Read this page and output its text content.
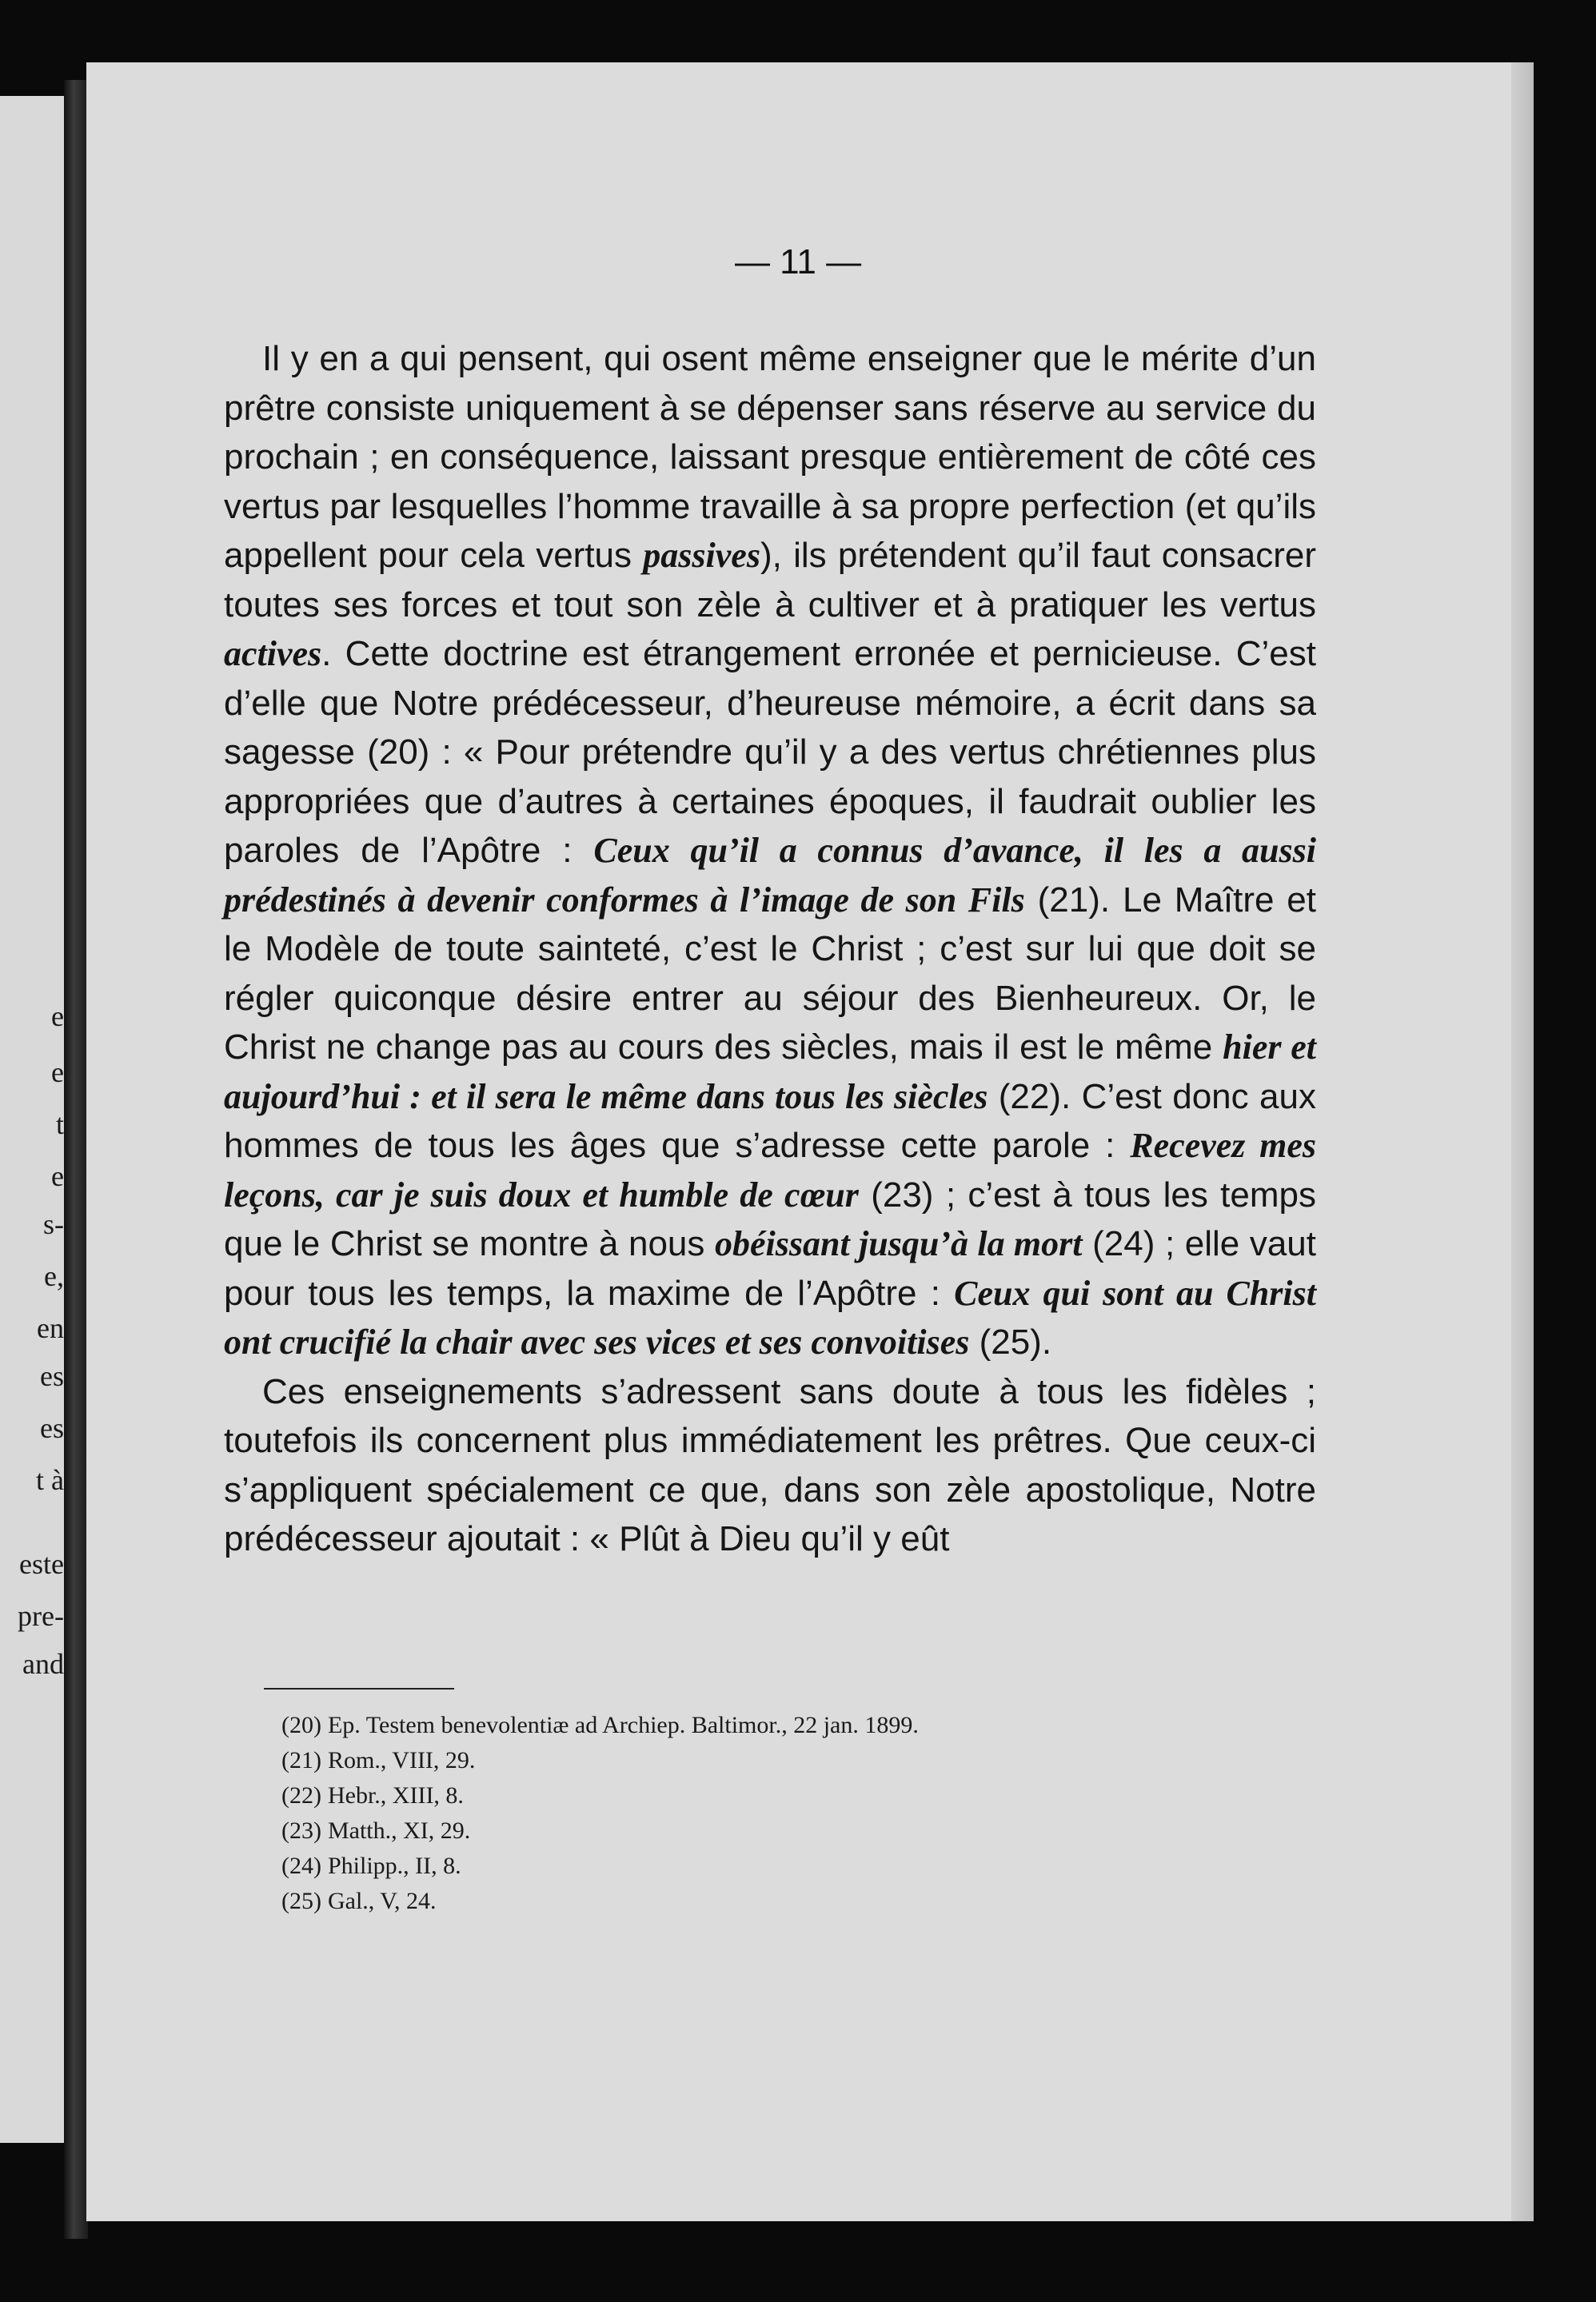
e
e
t
e
s-
e,
en
es
es
t à
este
pre-
and
— 11 —

Il y en a qui pensent, qui osent même enseigner que le mérite d’un prêtre consiste uniquement à se dépenser sans réserve au service du prochain ; en conséquence, laissant presque entièrement de côté ces vertus par lesquelles l’homme travaille à sa propre perfection (et qu’ils appellent pour cela vertus passives), ils prétendent qu’il faut consacrer toutes ses forces et tout son zèle à cultiver et à pratiquer les vertus actives. Cette doctrine est étrangement erronée et pernicieuse. C’est d’elle que Notre prédécesseur, d’heureuse mémoire, a écrit dans sa sagesse (20) : « Pour prétendre qu’il y a des vertus chrétiennes plus appropriées que d’autres à certaines époques, il faudrait oublier les paroles de l’Apôtre : Ceux qu’il a connus d’avance, il les a aussi prédestinés à devenir conformes à l’image de son Fils (21). Le Maître et le Modèle de toute sainteté, c’est le Christ ; c’est sur lui que doit se régler quiconque désire entrer au séjour des Bienheureux. Or, le Christ ne change pas au cours des siècles, mais il est le même hier et aujourd’hui : et il sera le même dans tous les siècles (22). C’est donc aux hommes de tous les âges que s’adresse cette parole : Recevez mes leçons, car je suis doux et humble de cœur (23) ; c’est à tous les temps que le Christ se montre à nous obéissant jusqu’à la mort (24) ; elle vaut pour tous les temps, la maxime de l’Apôtre : Ceux qui sont au Christ ont crucifié la chair avec ses vices et ses convoitises (25).

Ces enseignements s’adressent sans doute à tous les fidèles ; toutefois ils concernent plus immédiatement les prêtres. Que ceux-ci s’appliquent spécialement ce que, dans son zèle apostolique, Notre prédécesseur ajoutait : « Plût à Dieu qu’il y eût

(20) Ep. Testem benevolentiæ ad Archiep. Baltimor., 22 jan. 1899.
(21) Rom., VIII, 29.
(22) Hebr., XIII, 8.
(23) Matth., XI, 29.
(24) Philipp., II, 8.
(25) Gal., V, 24.
